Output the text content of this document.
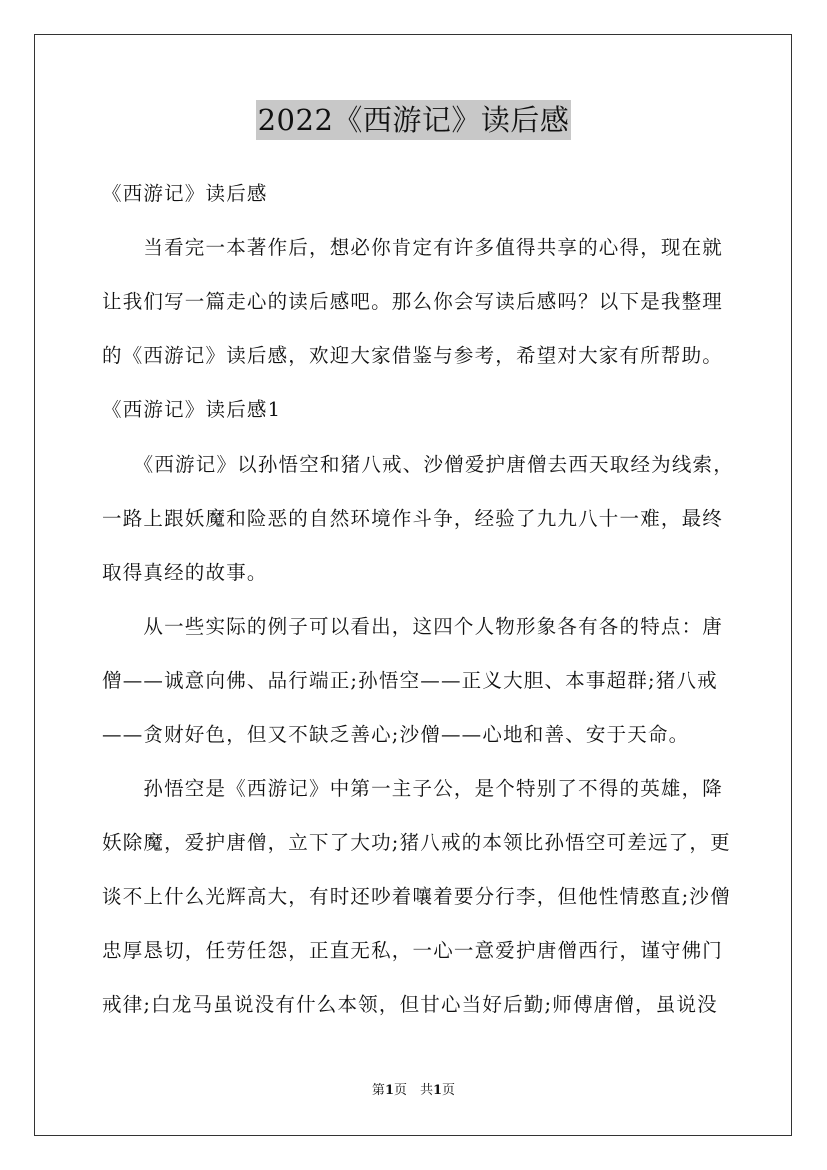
2022《西游记》读后感
《西游记》读后感
　　当看完一本著作后，想必你肯定有许多值得共享的心得，现在就
让我们写一篇走心的读后感吧。那么你会写读后感吗？以下是我整理
的《西游记》读后感，欢迎大家借鉴与参考，希望对大家有所帮助。
《西游记》读后感1
　　《西游记》以孙悟空和猪八戒、沙僧爱护唐僧去西天取经为线索，
一路上跟妖魔和险恶的自然环境作斗争，经验了九九八十一难，最终
取得真经的故事。
　　从一些实际的例子可以看出，这四个人物形象各有各的特点：唐
僧——诚意向佛、品行端正;孙悟空——正义大胆、本事超群;猪八戒
——贪财好色，但又不缺乏善心;沙僧——心地和善、安于天命。
　　孙悟空是《西游记》中第一主子公，是个特别了不得的英雄，降
妖除魔，爱护唐僧，立下了大功;猪八戒的本领比孙悟空可差远了，更
谈不上什么光辉高大，有时还吵着嚷着要分行李，但他性情憨直;沙僧
忠厚恳切，任劳任怨，正直无私，一心一意爱护唐僧西行，谨守佛门
戒律;白龙马虽说没有什么本领，但甘心当好后勤;师傅唐僧，虽说没
第1页　共1页
